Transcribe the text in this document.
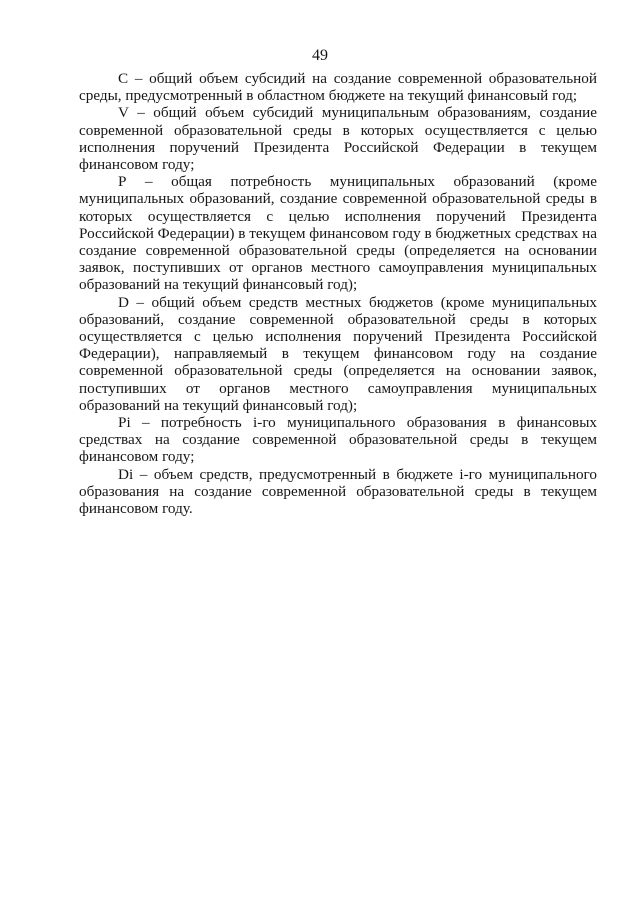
49

С – общий объем субсидий на создание современной образовательной среды, предусмотренный в областном бюджете на текущий финансовый год;

V – общий объем субсидий муниципальным образованиям, создание современной образовательной среды в которых осуществляется с целью исполнения поручений Президента Российской Федерации в текущем финансовом году;

Р – общая потребность муниципальных образований (кроме муниципальных образований, создание современной образовательной среды в которых осуществляется с целью исполнения поручений Президента Российской Федерации) в текущем финансовом году в бюджетных средствах на создание современной образовательной среды (определяется на основании заявок, поступивших от органов местного самоуправления муниципальных образований на текущий финансовый год);

D – общий объем средств местных бюджетов (кроме муниципальных образований, создание современной образовательной среды в которых осуществляется с целью исполнения поручений Президента Российской Федерации), направляемый в текущем финансовом году на создание современной образовательной среды (определяется на основании заявок, поступивших от органов местного самоуправления муниципальных образований на текущий финансовый год);

Рi – потребность i-го муниципального образования в финансовых средствах на создание современной образовательной среды в текущем финансовом году;

Di – объем средств, предусмотренный в бюджете i-го муниципального образования на создание современной образовательной среды в текущем финансовом году.
